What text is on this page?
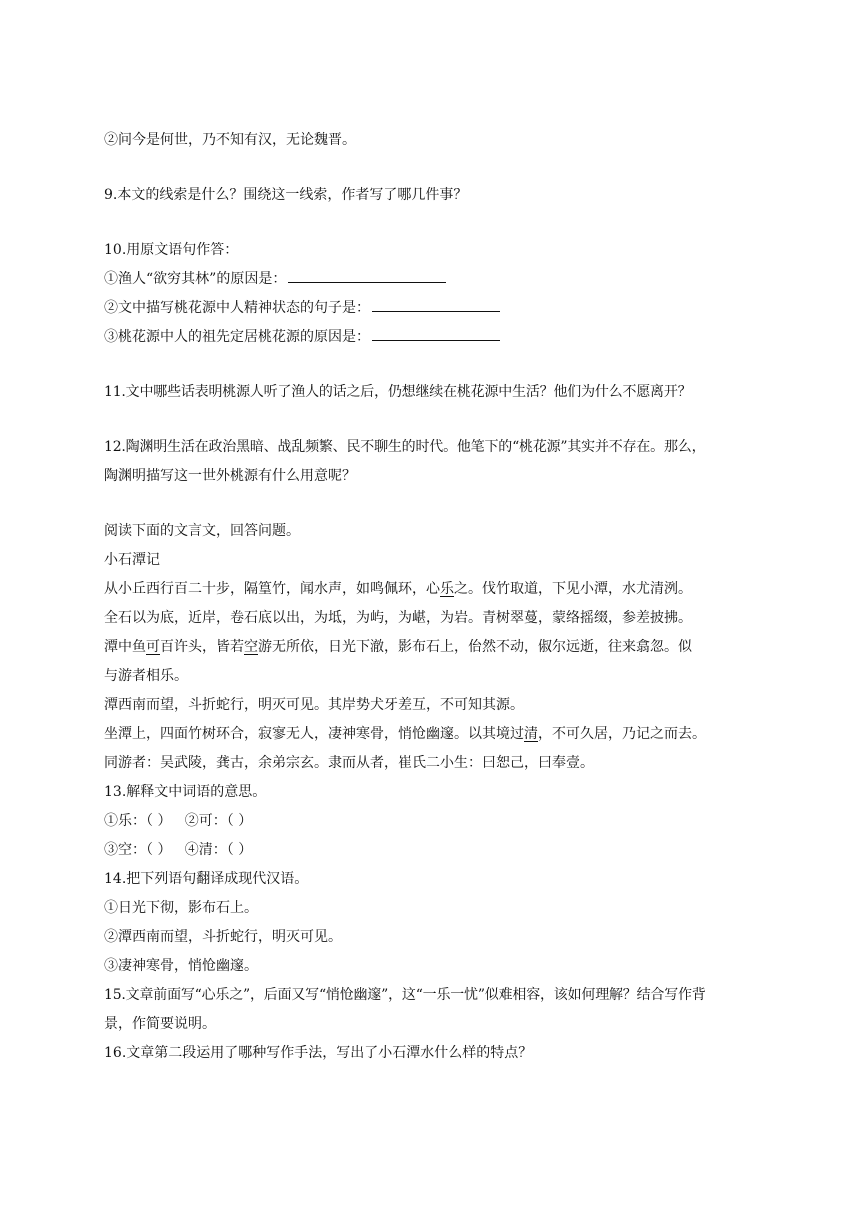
②问今是何世，乃不知有汉，无论魏晋。
9.本文的线索是什么？围绕这一线索，作者写了哪几件事？
10.用原文语句作答：
①渔人“欲穷其林”的原因是：
②文中描写桃花源中人精神状态的句子是：
③桃花源中人的祖先定居桃花源的原因是：
11.文中哪些话表明桃源人听了渔人的话之后，仍想继续在桃花源中生活？他们为什么不愿离开？
12.陶渊明生活在政治黑暗、战乱频繁、民不聊生的时代。他笔下的“桃花源”其实并不存在。那么，
陶渊明描写这一世外桃源有什么用意呢？
阅读下面的文言文，回答问题。
小石潭记
从小丘西行百二十步，隔篁竹，闻水声，如鸣佩环，心乐之。伐竹取道，下见小潭，水尤清洌。
全石以为底，近岸，卷石底以出，为坻，为屿，为嵁，为岩。青树翠蔓，蒙络摇缀，参差披拂。
潭中鱼可百许头，皆若空游无所依，日光下澈，影布石上，佁然不动，俶尔远逝，往来翕忽。似
与游者相乐。
潭西南而望，斗折蛇行，明灭可见。其岸势犬牙差互，不可知其源。
坐潭上，四面竹树环合，寂寥无人，凄神寒骨，悄怆幽邃。以其境过清，不可久居，乃记之而去。
同游者：吴武陵，龚古，余弟宗玄。隶而从者，崔氏二小生：曰恕己，曰奉壹。
13.解释文中词语的意思。
①乐：（ ）   ②可：（ ）
③空：（ ）   ④清：（ ）
14.把下列语句翻译成现代汉语。
①日光下彻，影布石上。
②潭西南而望，斗折蛇行，明灭可见。
③凄神寒骨，悄怆幽邃。
15.文章前面写“心乐之”，后面又写“悄怆幽邃”，这“一乐一忧”似难相容，该如何理解？结合写作背
景，作简要说明。
16.文章第二段运用了哪种写作手法，写出了小石潭水什么样的特点？
